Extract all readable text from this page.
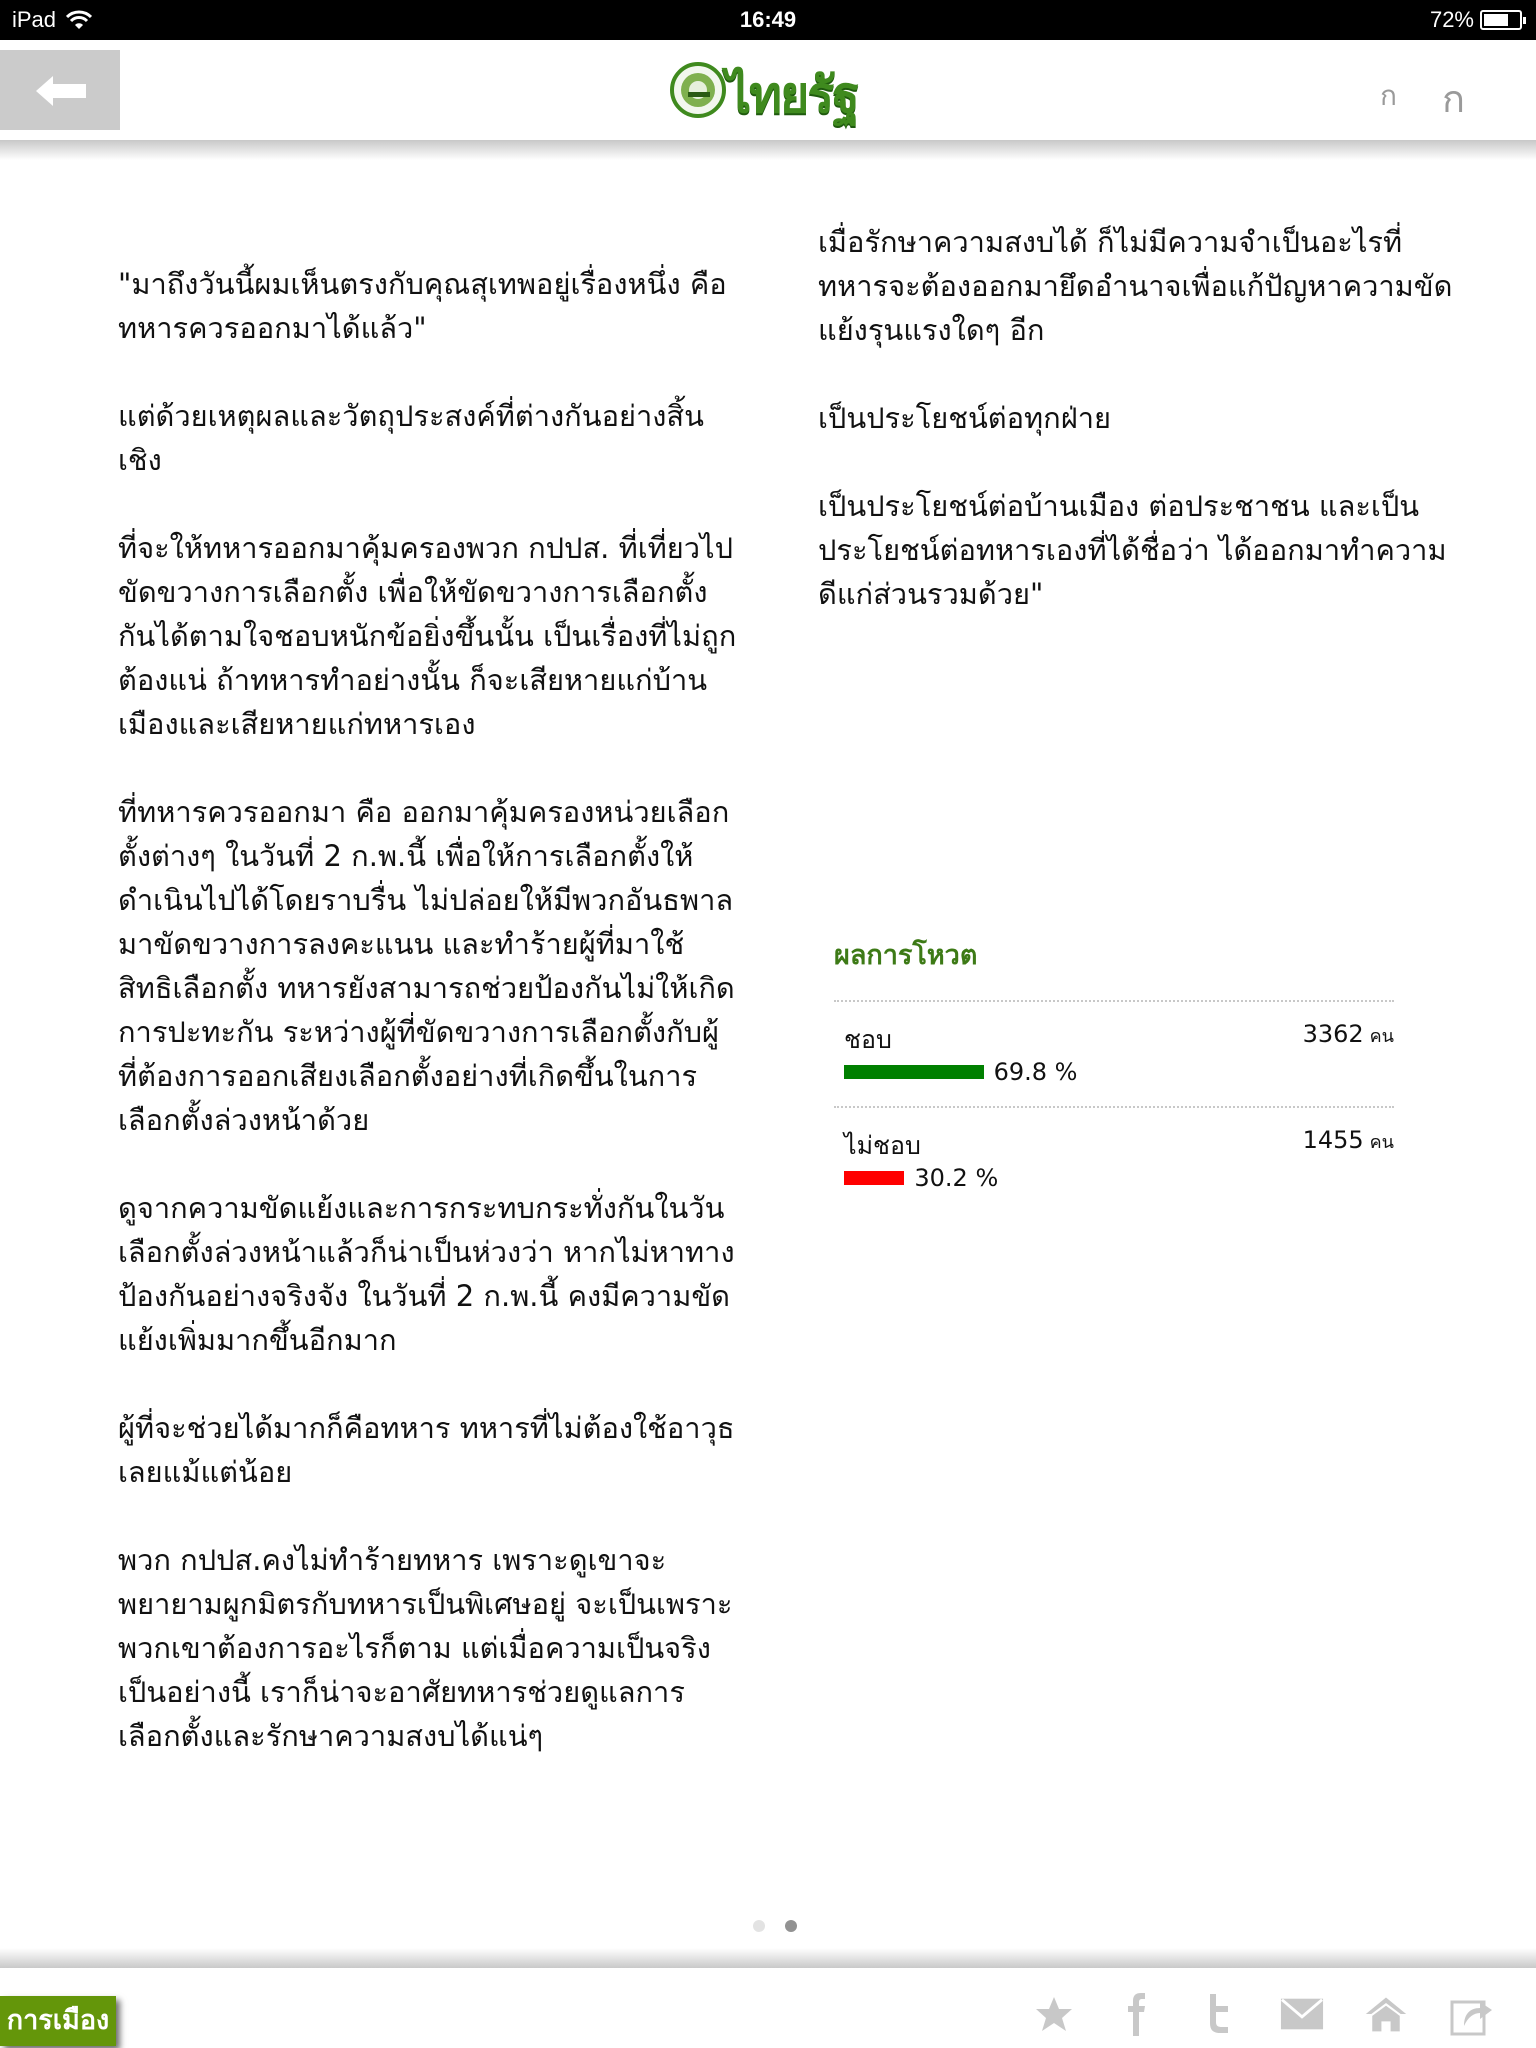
iPad	16:49	72%
ไทยรัฐ	ก ก

"มาถึงวันนี้ผมเห็นตรงกับคุณสุเทพอยู่เรื่องหนึ่ง คือ ทหารควรออกมาได้แล้ว"

แต่ด้วยเหตุผลและวัตถุประสงค์ที่ต่างกันอย่างสิ้นเชิง

ที่จะให้ทหารออกมาคุ้มครองพวก กปปส. ที่เที่ยวไปขัดขวางการเลือกตั้ง เพื่อให้ขัดขวางการเลือกตั้งกันได้ตามใจชอบหนักข้อยิ่งขึ้นนั้น เป็นเรื่องที่ไม่ถูกต้องแน่ ถ้าทหารทำอย่างนั้น ก็จะเสียหายแก่บ้านเมืองและเสียหายแก่ทหารเอง

ที่ทหารควรออกมา คือ ออกมาคุ้มครองหน่วยเลือกตั้งต่างๆ ในวันที่ 2 ก.พ.นี้ เพื่อให้การเลือกตั้งให้ดำเนินไปได้โดยราบรื่น ไม่ปล่อยให้มีพวกอันธพาลมาขัดขวางการลงคะแนน และทำร้ายผู้ที่มาใช้สิทธิเลือกตั้ง ทหารยังสามารถช่วยป้องกันไม่ให้เกิดการปะทะกัน ระหว่างผู้ที่ขัดขวางการเลือกตั้งกับผู้ที่ต้องการออกเสียงเลือกตั้งอย่างที่เกิดขึ้นในการเลือกตั้งล่วงหน้าด้วย

ดูจากความขัดแย้งและการกระทบกระทั่งกันในวันเลือกตั้งล่วงหน้าแล้วก็น่าเป็นห่วงว่า หากไม่หาทางป้องกันอย่างจริงจัง ในวันที่ 2 ก.พ.นี้ คงมีความขัดแย้งเพิ่มมากขึ้นอีกมาก

ผู้ที่จะช่วยได้มากก็คือทหาร ทหารที่ไม่ต้องใช้อาวุธเลยแม้แต่น้อย

พวก กปปส.คงไม่ทำร้ายทหาร เพราะดูเขาจะพยายามผูกมิตรกับทหารเป็นพิเศษอยู่ จะเป็นเพราะพวกเขาต้องการอะไรก็ตาม แต่เมื่อความเป็นจริงเป็นอย่างนี้ เราก็น่าจะอาศัยทหารช่วยดูแลการเลือกตั้งและรักษาความสงบได้แน่ๆ

เมื่อรักษาความสงบได้ ก็ไม่มีความจำเป็นอะไรที่ทหารจะต้องออกมายึดอำนาจเพื่อแก้ปัญหาความขัดแย้งรุนแรงใดๆ อีก

เป็นประโยชน์ต่อทุกฝ่าย

เป็นประโยชน์ต่อบ้านเมือง ต่อประชาชน และเป็นประโยชน์ต่อทหารเองที่ได้ชื่อว่า ได้ออกมาทำความดีแก่ส่วนรวมด้วย"

ผลการโหวต
ชอบ	3362 คน
69.8 %
ไม่ชอบ	1455 คน
30.2 %
การเมือง
